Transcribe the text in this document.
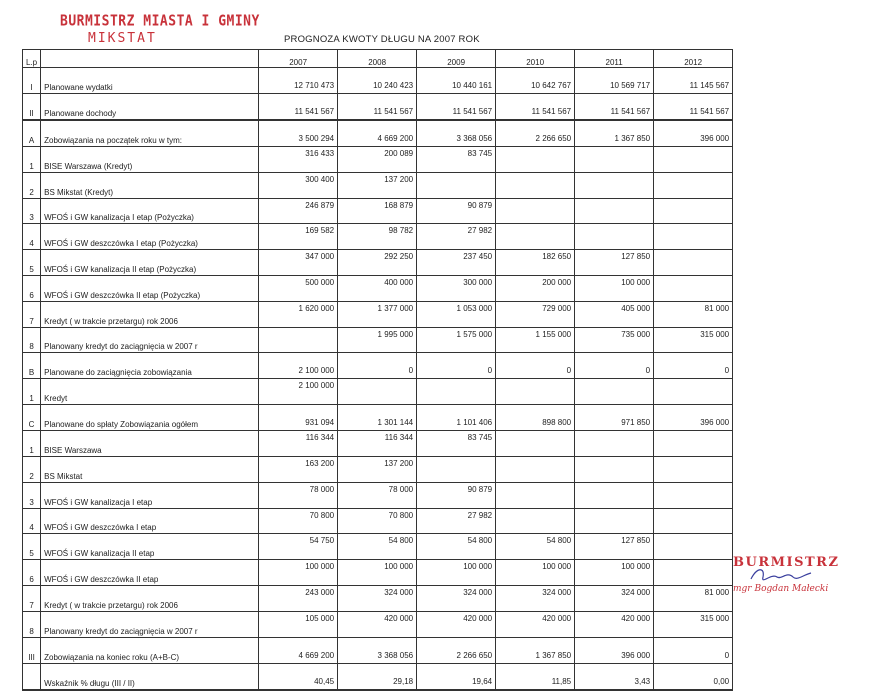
BURMISTRZ MIASTA I GMINY
MIKSTAT	PROGNOZA KWOTY DŁUGU NA 2007 ROK
L.p		2007	2008	2009	2010	2011	2012
I	Planowane wydatki	12 710 473	10 240 423	10 440 161	10 642 767	10 569 717	11 145 567
II	Planowane dochody	11 541 567	11 541 567	11 541 567	11 541 567	11 541 567	11 541 567
A	Zobowiązania na początek roku w tym:	3 500 294	4 669 200	3 368 056	2 266 650	1 367 850	396 000
1	BISE Warszawa (Kredyt)	316 433	200 089	83 745			
2	BS Mikstat (Kredyt)	300 400	137 200				
3	WFOŚ i GW kanalizacja I etap (Pożyczka)	246 879	168 879	90 879			
4	WFOŚ i GW deszczówka I etap (Pożyczka)	169 582	98 782	27 982			
5	WFOŚ i GW kanalizacja II etap (Pożyczka)	347 000	292 250	237 450	182 650	127 850	
6	WFOŚ i GW deszczówka II etap (Pożyczka)	500 000	400 000	300 000	200 000	100 000	
7	Kredyt ( w trakcie przetargu) rok 2006	1 620 000	1 377 000	1 053 000	729 000	405 000	81 000
8	Planowany kredyt do zaciągnięcia w 2007 r		1 995 000	1 575 000	1 155 000	735 000	315 000
B	Planowane do zaciągnięcia zobowiązania	2 100 000	0	0	0	0	0
1	Kredyt	2 100 000					
C	Planowane do spłaty Zobowiązania ogółem	931 094	1 301 144	1 101 406	898 800	971 850	396 000
1	BISE Warszawa	116 344	116 344	83 745			
2	BS Mikstat	163 200	137 200				
3	WFOŚ i GW kanalizacja I etap	78 000	78 000	90 879			
4	WFOŚ i GW deszczówka I etap	70 800	70 800	27 982			
5	WFOŚ i GW kanalizacja II etap	54 750	54 800	54 800	54 800	127 850	
6	WFOŚ i GW deszczówka II etap	100 000	100 000	100 000	100 000	100 000	
7	Kredyt ( w trakcie przetargu) rok 2006	243 000	324 000	324 000	324 000	324 000	81 000
8	Planowany kredyt do zaciągnięcia w 2007 r	105 000	420 000	420 000	420 000	420 000	315 000
III	Zobowiązania na koniec roku (A+B-C)	4 669 200	3 368 056	2 266 650	1 367 850	396 000	0
	Wskaźnik % długu (III / II)	40,45	29,18	19,64	11,85	3,43	0,00
BURMISTRZ
mgr Bogdan Małecki
